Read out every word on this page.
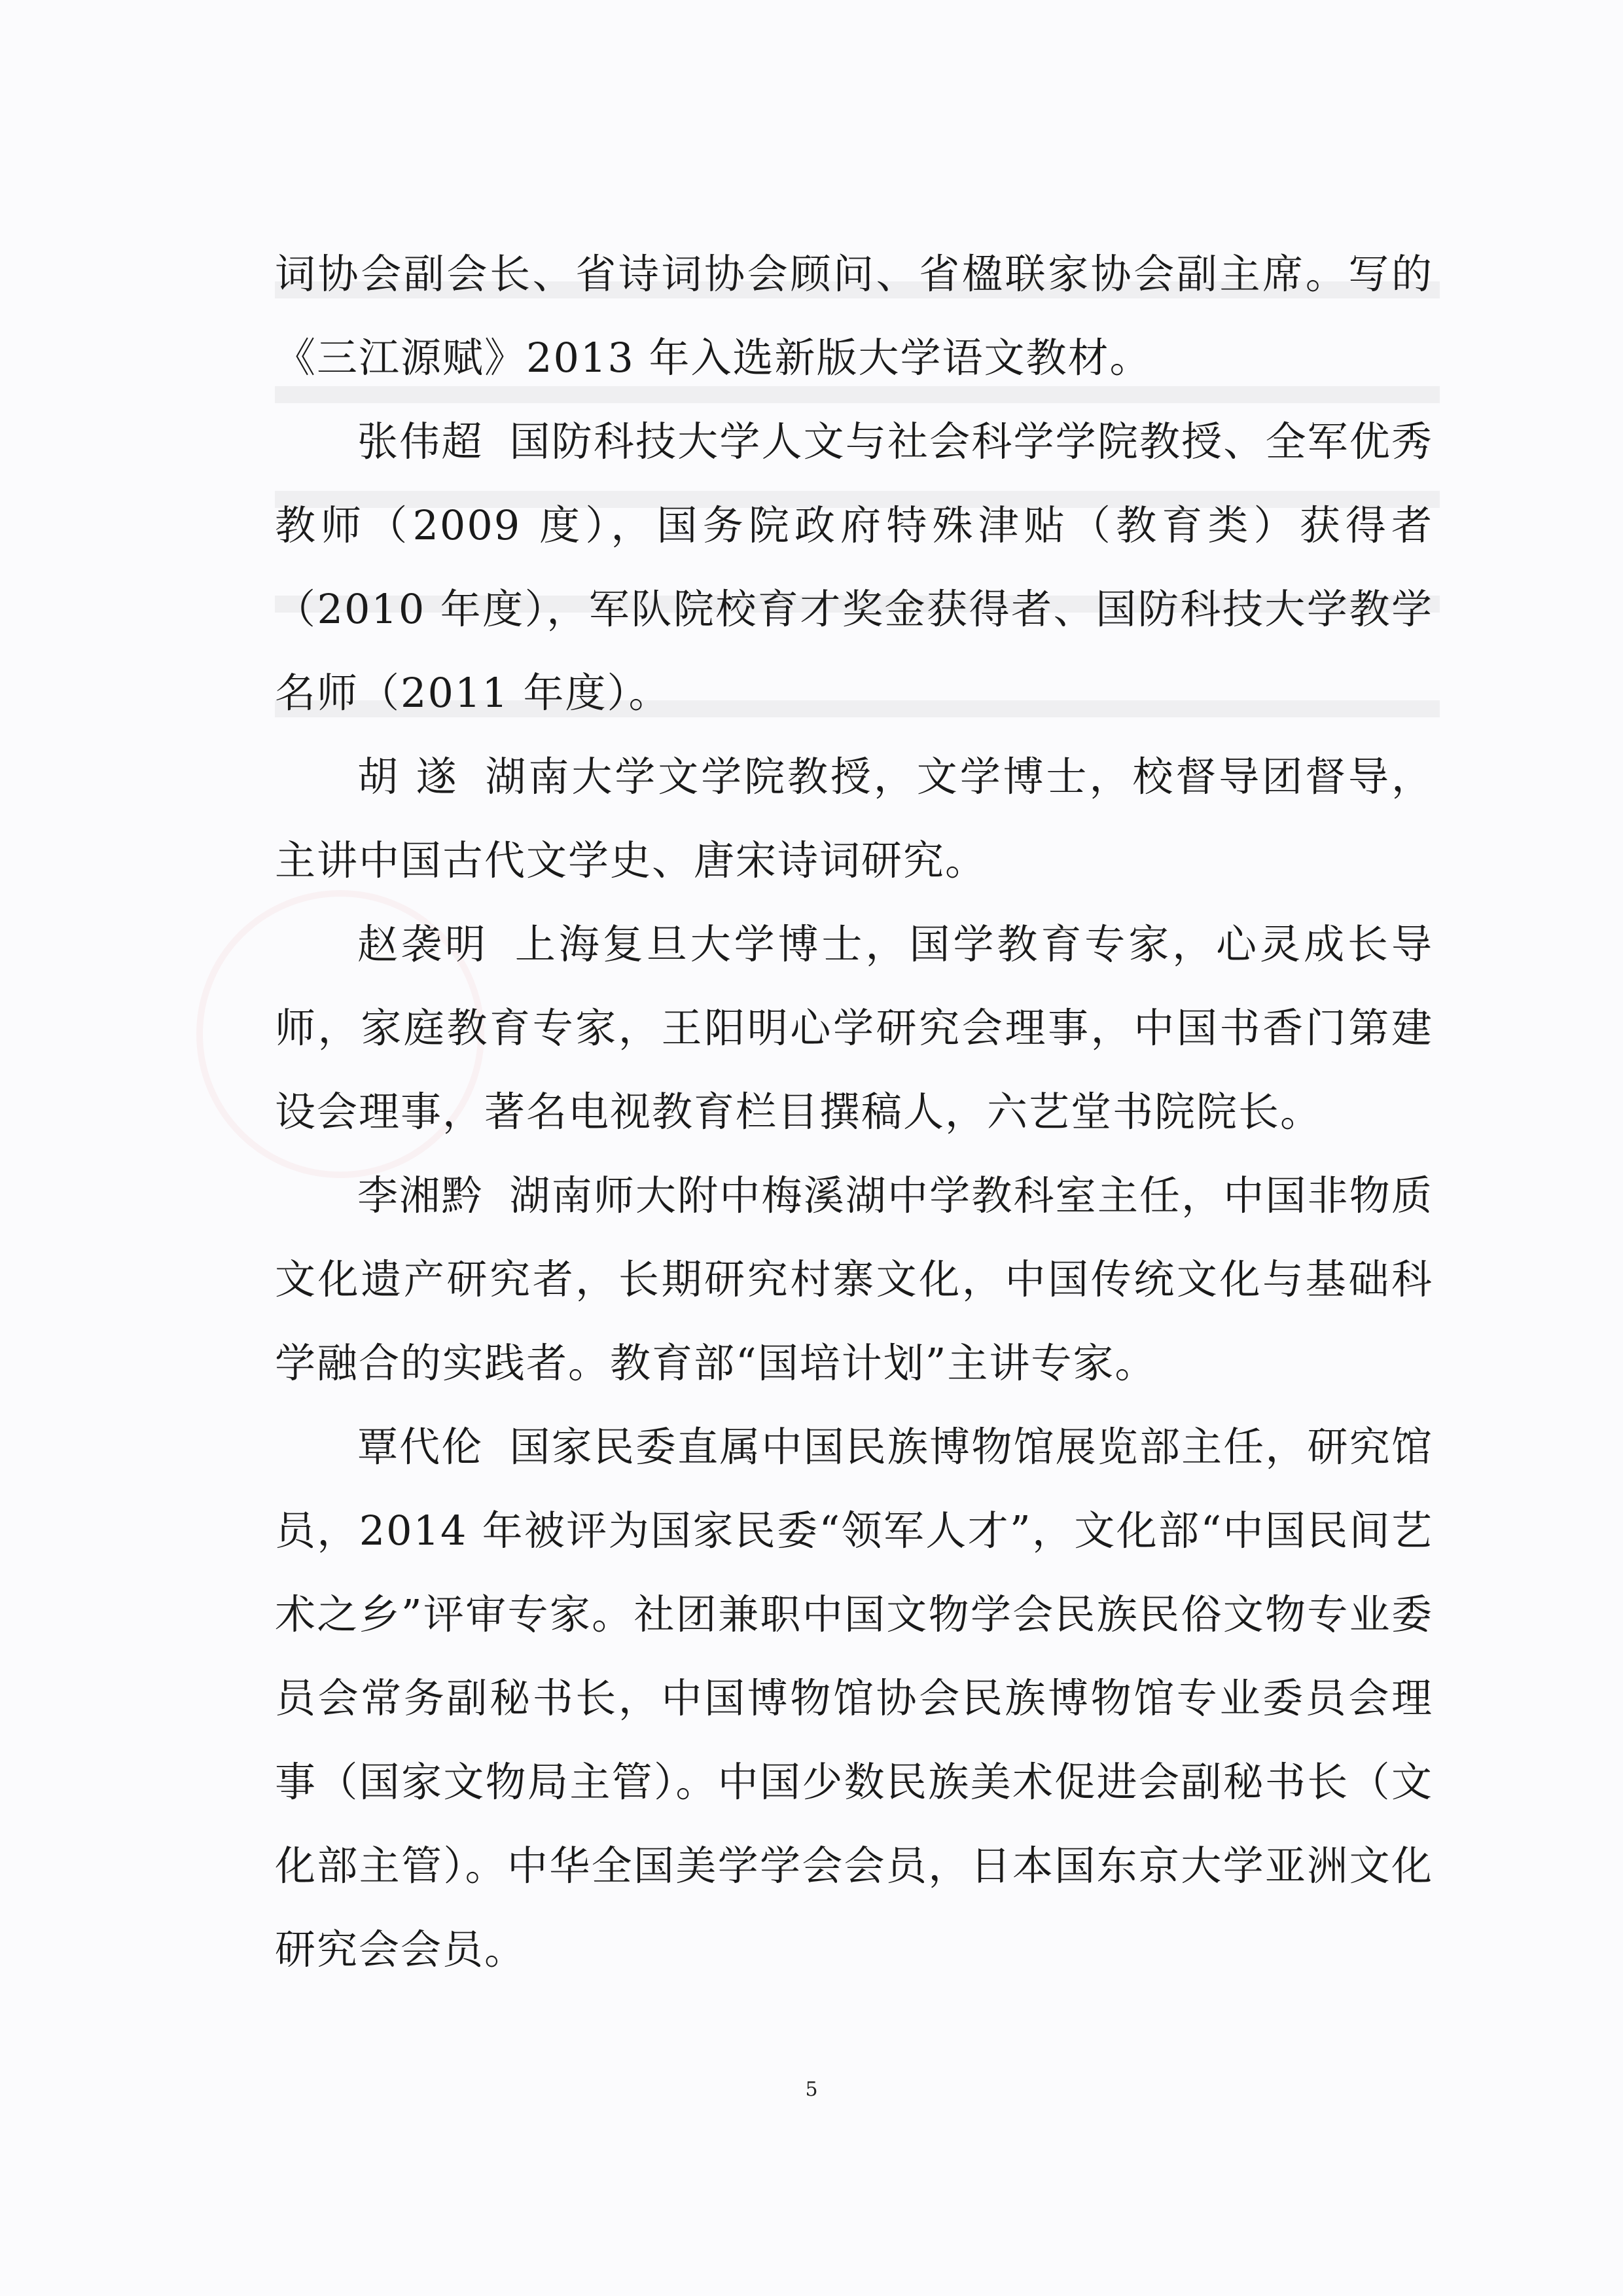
词协会副会长、省诗词协会顾问、省楹联家协会副主席。写的《三江源赋》2013 年入选新版大学语文教材。

张伟超 国防科技大学人文与社会科学学院教授、全军优秀教师（2009 度），国务院政府特殊津贴（教育类）获得者（2010 年度），军队院校育才奖金获得者、国防科技大学教学名师（2011 年度）。

胡 遂 湖南大学文学院教授，文学博士，校督导团督导，主讲中国古代文学史、唐宋诗词研究。

赵袭明 上海复旦大学博士，国学教育专家，心灵成长导师，家庭教育专家，王阳明心学研究会理事，中国书香门第建设会理事，著名电视教育栏目撰稿人，六艺堂书院院长。

李湘黔 湖南师大附中梅溪湖中学教科室主任，中国非物质文化遗产研究者，长期研究村寨文化，中国传统文化与基础科学融合的实践者。教育部“国培计划”主讲专家。

覃代伦 国家民委直属中国民族博物馆展览部主任，研究馆员，2014 年被评为国家民委“领军人才”，文化部“中国民间艺术之乡”评审专家。社团兼职中国文物学会民族民俗文物专业委员会常务副秘书长，中国博物馆协会民族博物馆专业委员会理事（国家文物局主管）。中国少数民族美术促进会副秘书长（文化部主管）。中华全国美学学会会员，日本国东京大学亚洲文化研究会会员。

5
